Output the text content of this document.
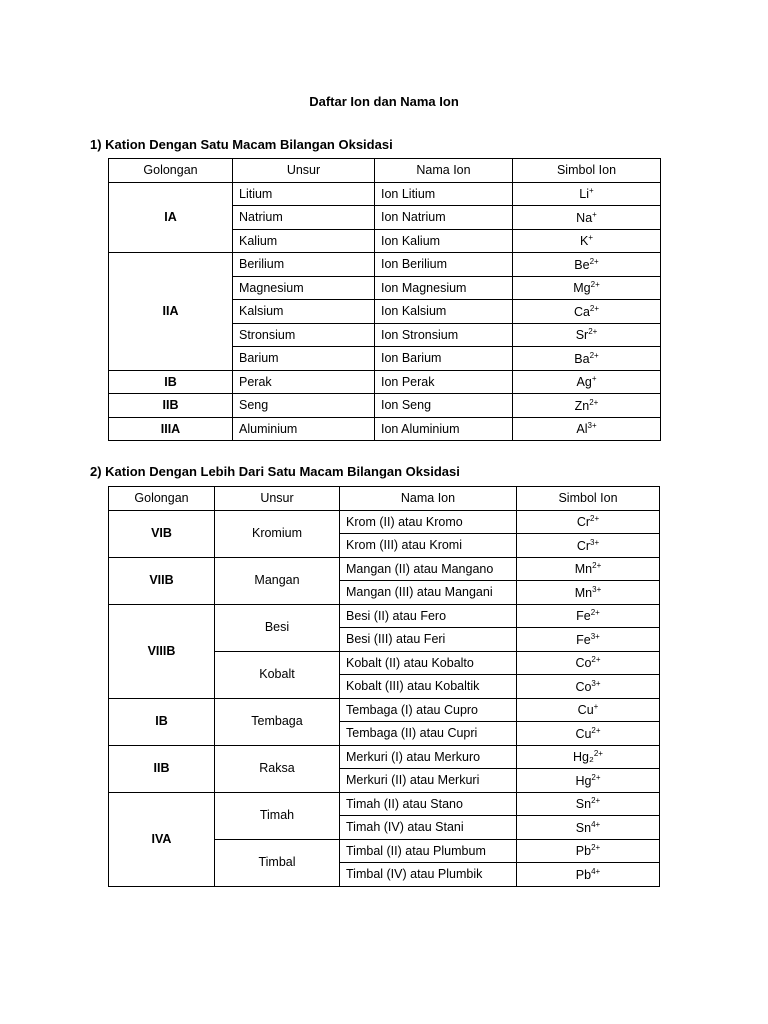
Daftar Ion dan Nama Ion
1) Kation Dengan Satu Macam Bilangan Oksidasi
Golongan	Unsur	Nama Ion	Simbol Ion
IA	Litium	Ion Litium	Li+
	Natrium	Ion Natrium	Na+
	Kalium	Ion Kalium	K+
IIA	Berilium	Ion Berilium	$Be^{2+}$
	Magnesium	Ion Magnesium	$Mg^{2+}$
	Kalsium	Ion Kalsium	$Ca^{2+}$
	Stronsium	Ion Stronsium	$Sr^{2+}$
	Barium	Ion Barium	$Ba^{2+}$
IB	Perak	Ion Perak	Ag+
IIB	Seng	Ion Seng	$Zn^{2+}$
IIIA	Aluminium	Ion Aluminium	$Al^{3+}$
2) Kation Dengan Lebih Dari Satu Macam Bilangan Oksidasi
Golongan	Unsur	Nama Ion	Simbol Ion
VIB	Kromium	Krom (II) atau Kromo	$Cr^{2+}$
		Krom (III) atau Kromi	$Cr^{3+}$
VIIB	Mangan	Mangan (II) atau Mangano	$Mn^{2+}$
		Mangan (III) atau Mangani	$Mn^{3+}$
VIIIB	Besi	Besi (II) atau Fero	$Fe^{2+}$
		Besi (III) atau Feri	$Fe^{3+}$
	Kobalt	Kobalt (II) atau Kobalto	$Co^{2+}$
		Kobalt (III) atau Kobaltik	$Co^{3+}$
IB	Tembaga	Tembaga (I) atau Cupro	Cu+
		Tembaga (II) atau Cupri	$Cu^{2+}$
IIB	Raksa	Merkuri (I) atau Merkuro	Hg₂$^{2+}$
		Merkuri (II) atau Merkuri	$Hg^{2+}$
IVA	Timah	Timah (II) atau Stano	$Sn^{2+}$
		Timah (IV) atau Stani	$Sn^{4+}$
	Timbal	Timbal (II) atau Plumbum	$Pb^{2+}$
		Timbal (IV) atau Plumbik	$Pb^{4+}$
